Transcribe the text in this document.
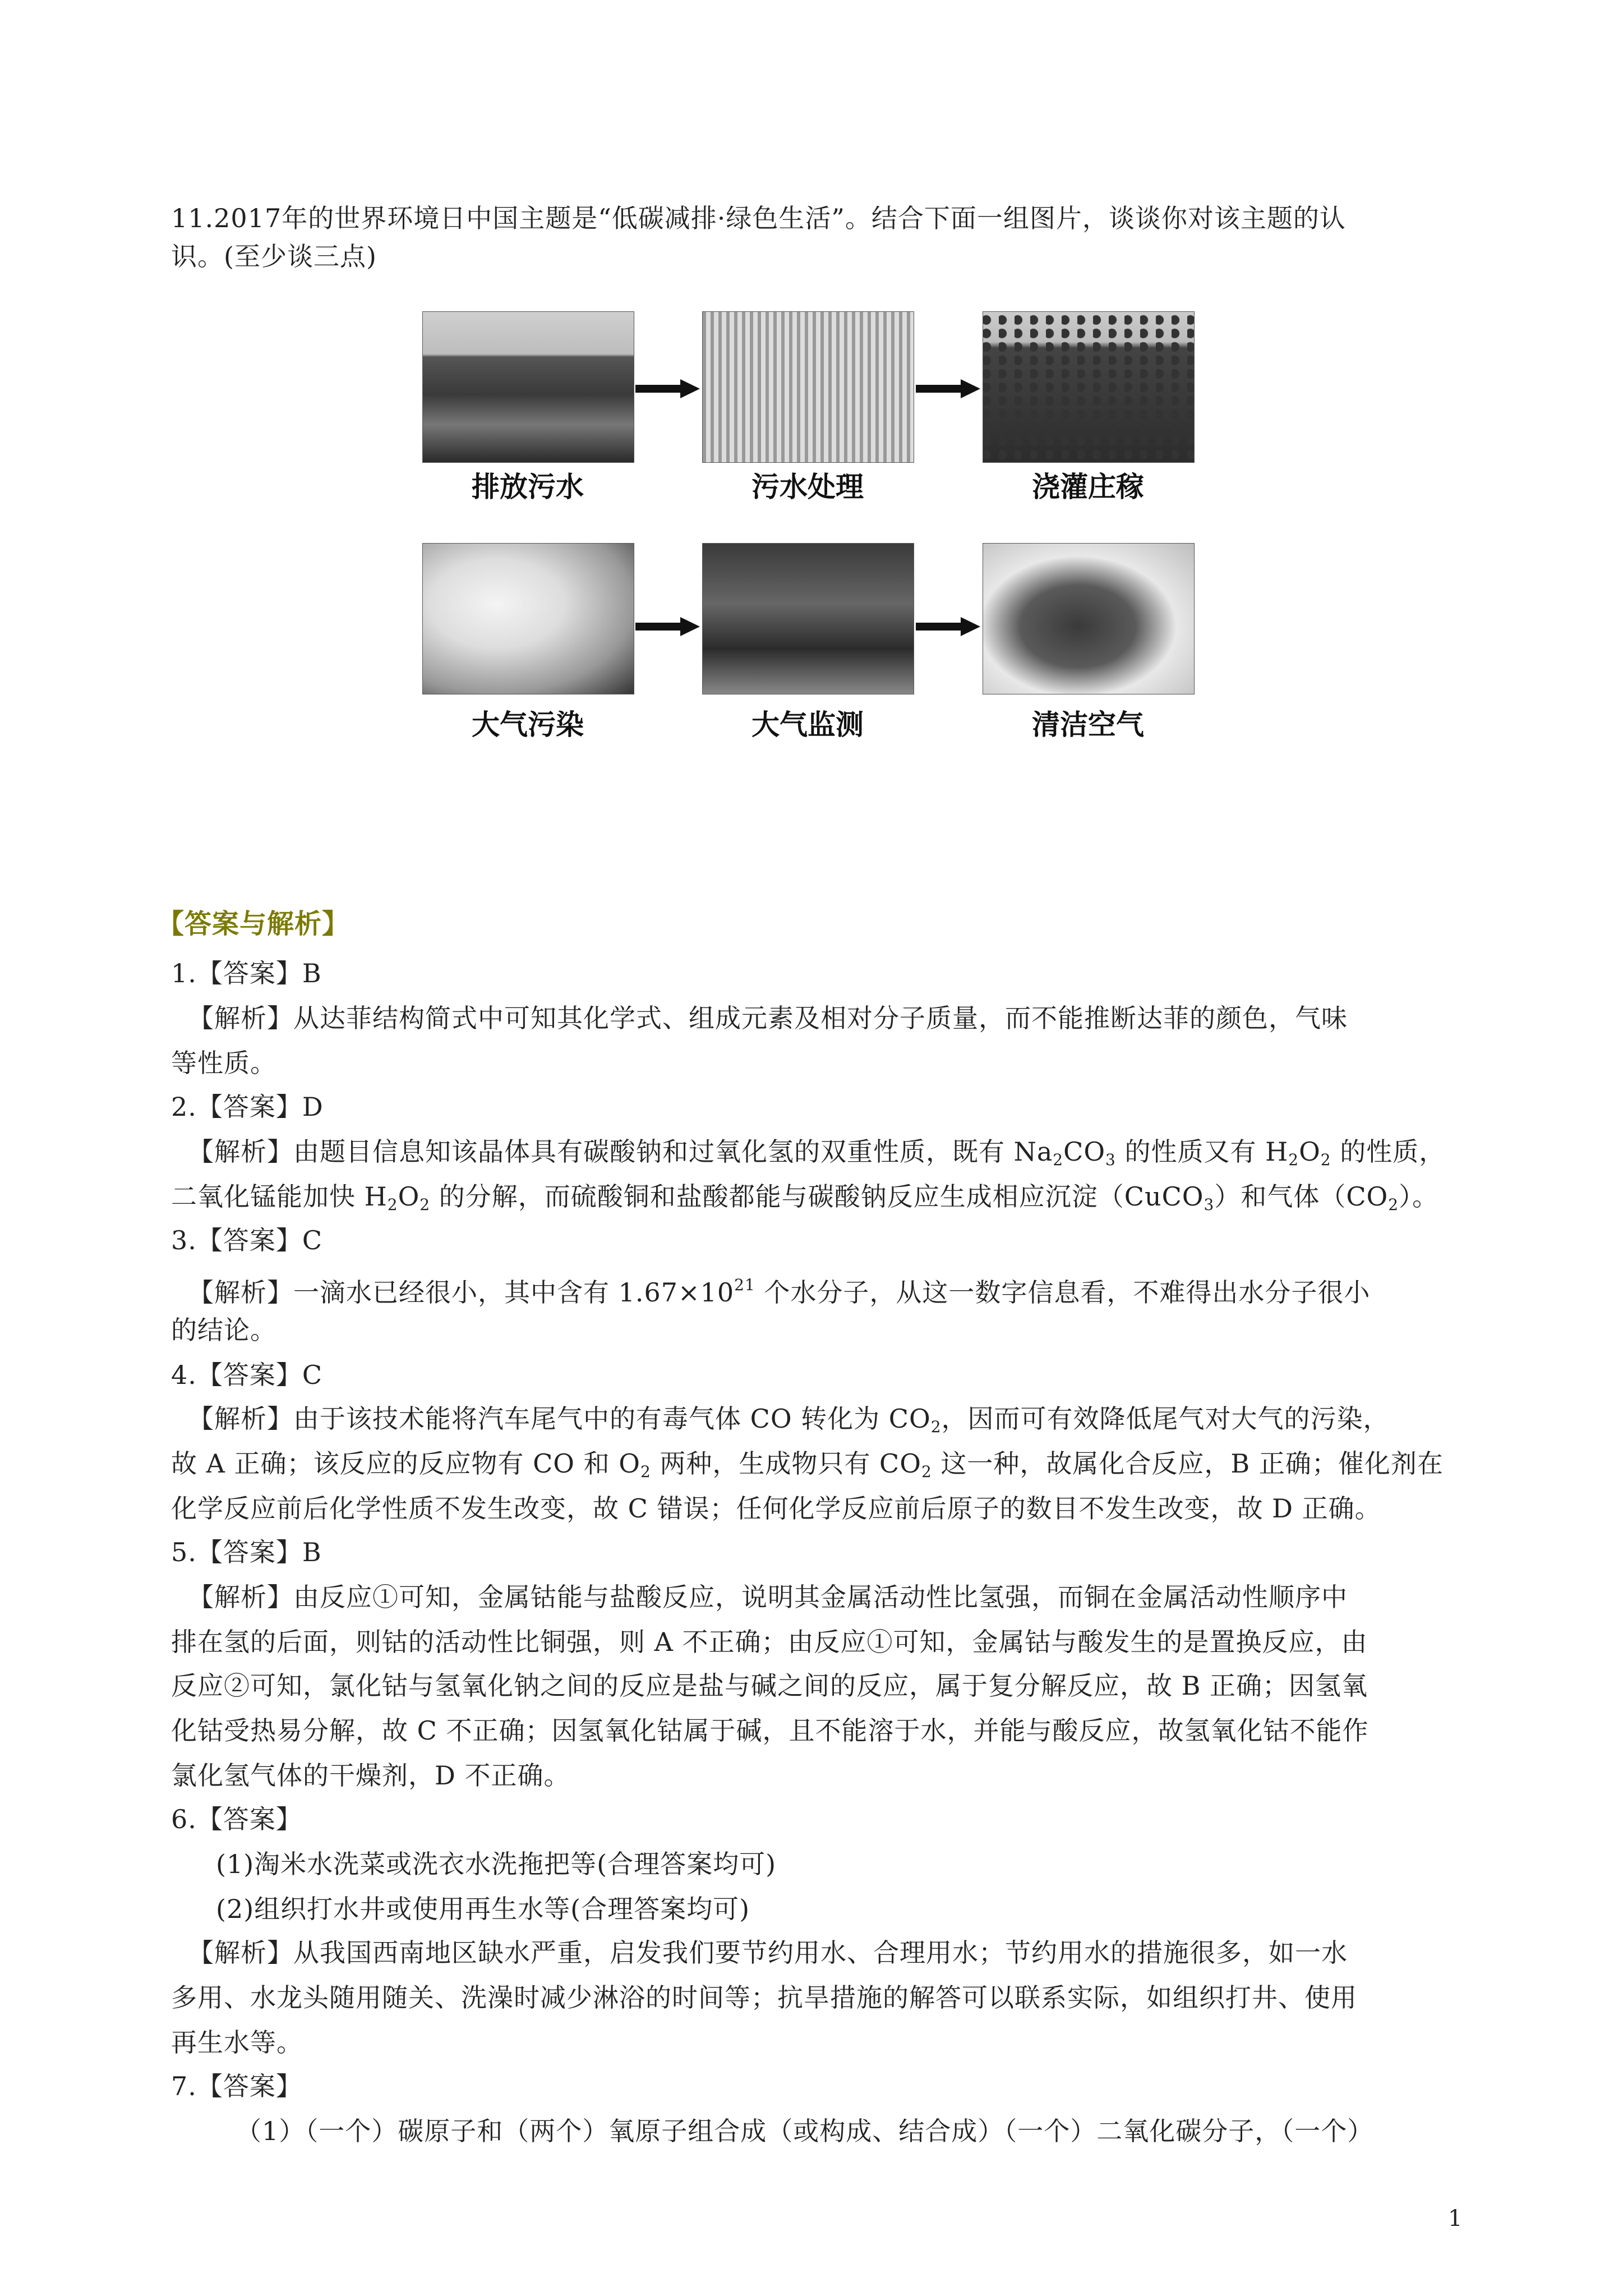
11.2017年的世界环境日中国主题是“低碳减排·绿色生活”。结合下面一组图片，谈谈你对该主题的认
识。(至少谈三点)
排放污水	污水处理	浇灌庄稼
大气污染	大气监测	清洁空气
【答案与解析】
1.【答案】B
【解析】从达菲结构简式中可知其化学式、组成元素及相对分子质量，而不能推断达菲的颜色，气味
等性质。
2.【答案】D
【解析】由题目信息知该晶体具有碳酸钠和过氧化氢的双重性质，既有 $Na_2CO_3$ 的性质又有 $H_2O_2$ 的性质，
二氧化锰能加快 $H_2O_2$ 的分解，而硫酸铜和盐酸都能与碳酸钠反应生成相应沉淀（CuCO$_3$）和气体$(CO_2)$。
3.【答案】C
【解析】一滴水已经很小，其中含有 $1.67\times 10^{21}$ 个水分子，从这一数字信息看，不难得出水分子很小
的结论。
4.【答案】C
【解析】由于该技术能将汽车尾气中的有毒气体 CO 转化为 $CO_2$，因而可有效降低尾气对大气的污染，
故 A 正确；该反应的反应物有 CO 和 $O_2$ 两种，生成物只有 $CO_2$ 这一种，故属化合反应，B 正确；催化剂在
化学反应前后化学性质不发生改变，故 C 错误；任何化学反应前后原子的数目不发生改变，故 D 正确。
5.【答案】B
【解析】由反应①可知，金属钴能与盐酸反应，说明其金属活动性比氢强，而铜在金属活动性顺序中
排在氢的后面，则钴的活动性比铜强，则 A 不正确；由反应①可知，金属钴与酸发生的是置换反应，由
反应②可知，氯化钴与氢氧化钠之间的反应是盐与碱之间的反应，属于复分解反应，故 B 正确；因氢氧
化钴受热易分解，故 C 不正确；因氢氧化钴属于碱，且不能溶于水，并能与酸反应，故氢氧化钴不能作
氯化氢气体的干燥剂，D 不正确。
6.【答案】
(1)淘米水洗菜或洗衣水洗拖把等(合理答案均可)
(2)组织打水井或使用再生水等(合理答案均可)
【解析】从我国西南地区缺水严重，启发我们要节约用水、合理用水；节约用水的措施很多，如一水
多用、水龙头随用随关、洗澡时减少淋浴的时间等；抗旱措施的解答可以联系实际，如组织打井、使用
再生水等。
7.【答案】
（1）（一个）碳原子和（两个）氧原子组合成（或构成、结合成）（一个）二氧化碳分子，（一个）
1
